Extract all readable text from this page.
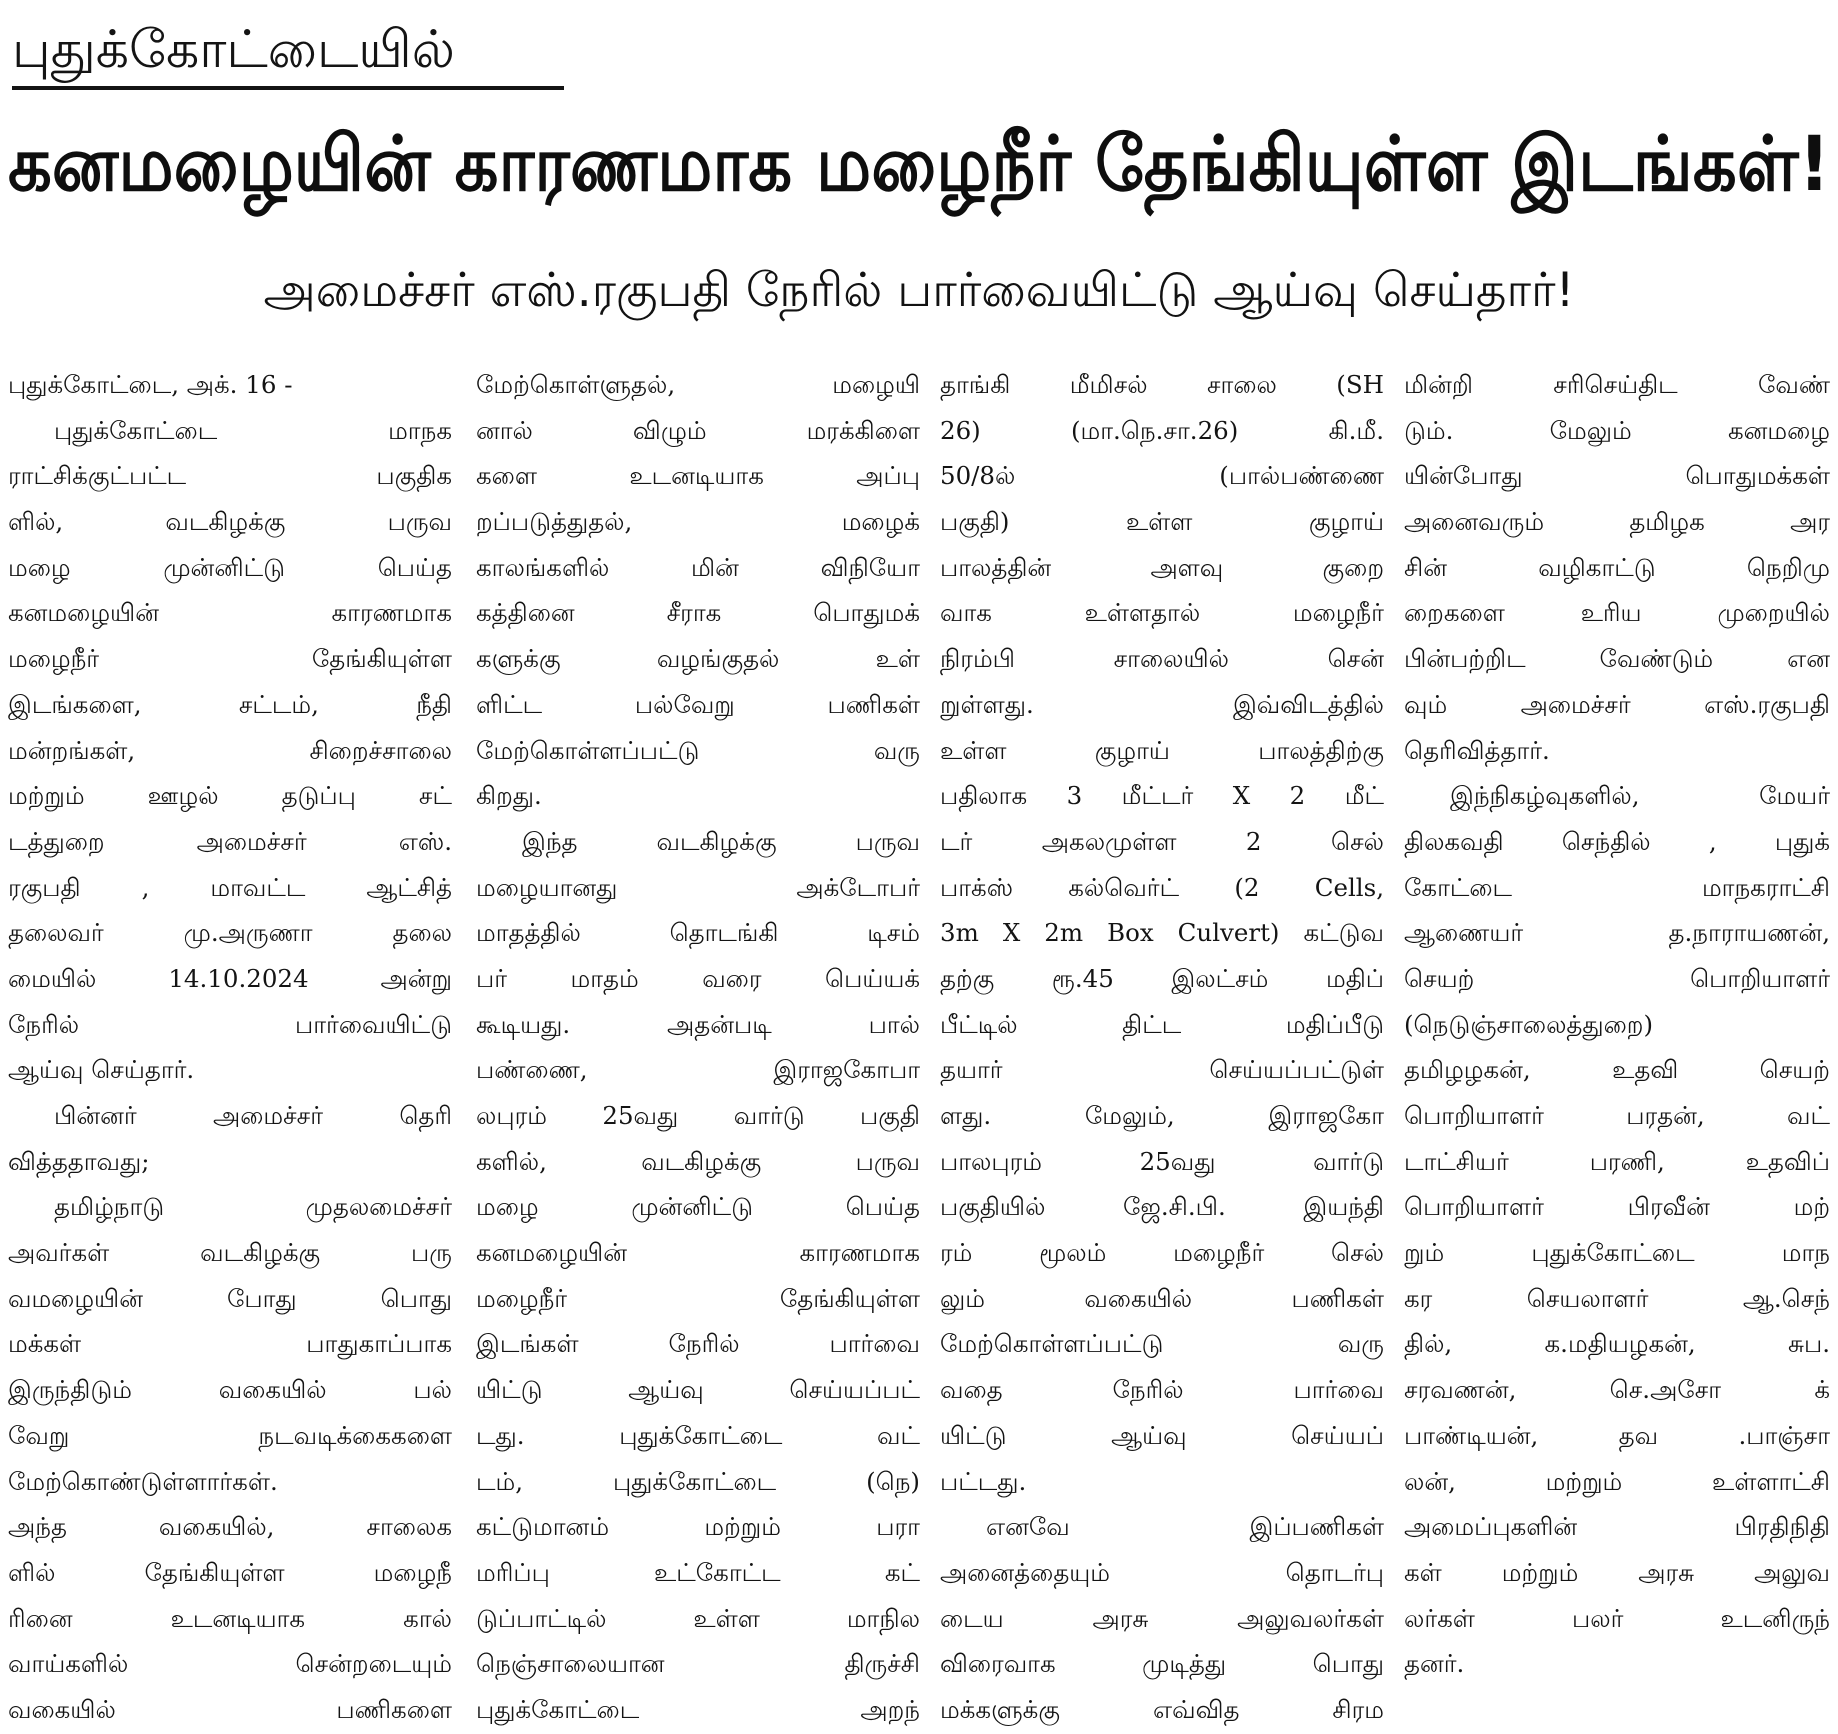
புதுக்கோட்டையில்
கனமழையின் காரணமாக மழைநீர் தேங்கியுள்ள இடங்கள்!
அமைச்சர் எஸ்.ரகுபதி நேரில் பார்வையிட்டு ஆய்வு செய்தார்!
புதுக்கோட்டை, அக். 16 -
புதுக்கோட்டை மாநக
ராட்சிக்குட்பட்ட பகுதிக
ளில், வடகிழக்கு பருவ
மழை முன்னிட்டு பெய்த
கனமழையின் காரணமாக
மழைநீர் தேங்கியுள்ள
இடங்களை, சட்டம், நீதி
மன்றங்கள், சிறைச்சாலை
மற்றும் ஊழல் தடுப்பு சட்
டத்துறை அமைச்சர் எஸ்.
ரகுபதி , மாவட்ட ஆட்சித்
தலைவர் மு.அருணா தலை
மையில் 14.10.2024 அன்று
நேரில் பார்வையிட்டு
ஆய்வு செய்தார்.
பின்னர் அமைச்சர் தெரி
வித்ததாவது;
தமிழ்நாடு முதலமைச்சர்
அவர்கள் வடகிழக்கு பரு
வமழையின் போது பொது
மக்கள் பாதுகாப்பாக
இருந்திடும் வகையில் பல்
வேறு நடவடிக்கைகளை
மேற்கொண்டுள்ளார்கள்.
அந்த வகையில், சாலைக
ளில் தேங்கியுள்ள மழைநீ
ரினை உடனடியாக கால்
வாய்களில் சென்றடையும்
வகையில் பணிகளை
மேற்கொள்ளுதல், மழையி
னால் விழும் மரக்கிளை
களை உடனடியாக அப்பு
றப்படுத்துதல், மழைக்
காலங்களில் மின் விநியோ
கத்தினை சீராக பொதுமக்
களுக்கு வழங்குதல் உள்
ளிட்ட பல்வேறு பணிகள்
மேற்கொள்ளப்பட்டு வரு
கிறது.
இந்த வடகிழக்கு பருவ
மழையானது அக்டோபர்
மாதத்தில் தொடங்கி டிசம்
பர் மாதம் வரை பெய்யக்
கூடியது. அதன்படி பால்
பண்ணை, இராஜகோபா
லபுரம் 25வது வார்டு பகுதி
களில், வடகிழக்கு பருவ
மழை முன்னிட்டு பெய்த
கனமழையின் காரணமாக
மழைநீர் தேங்கியுள்ள
இடங்கள் நேரில் பார்வை
யிட்டு ஆய்வு செய்யப்பட்
டது. புதுக்கோட்டை வட்
டம், புதுக்கோட்டை (நெ)
கட்டுமானம் மற்றும் பரா
மரிப்பு உட்கோட்ட கட்
டுப்பாட்டில் உள்ள மாநில
நெஞ்சாலையான திருச்சி
புதுக்கோட்டை அறந்
தாங்கி மீமிசல் சாலை (SH
26) (மா.நெ.சா.26) கி.மீ.
50/8ல் (பால்பண்ணை
பகுதி) உள்ள குழாய்
பாலத்தின் அளவு குறை
வாக உள்ளதால் மழைநீர்
நிரம்பி சாலையில் சென்
றுள்ளது. இவ்விடத்தில்
உள்ள குழாய் பாலத்திற்கு
பதிலாக 3 மீட்டர் X 2 மீட்
டர் அகலமுள்ள 2 செல்
பாக்ஸ் கல்வெர்ட் (2 Cells,
3m X 2m Box Culvert) கட்டுவ
தற்கு ரூ.45 இலட்சம் மதிப்
பீட்டில் திட்ட மதிப்பீடு
தயார் செய்யப்பட்டுள்
ளது. மேலும், இராஜகோ
பாலபுரம் 25வது வார்டு
பகுதியில் ஜே.சி.பி. இயந்தி
ரம் மூலம் மழைநீர் செல்
லும் வகையில் பணிகள்
மேற்கொள்ளப்பட்டு வரு
வதை நேரில் பார்வை
யிட்டு ஆய்வு செய்யப்
பட்டது.
எனவே இப்பணிகள்
அனைத்தையும் தொடர்பு
டைய அரசு அலுவலர்கள்
விரைவாக முடித்து பொது
மக்களுக்கு எவ்வித சிரம
மின்றி சரிசெய்திட வேண்
டும். மேலும் கனமழை
யின்போது பொதுமக்கள்
அனைவரும் தமிழக அர
சின் வழிகாட்டு நெறிமு
றைகளை உரிய முறையில்
பின்பற்றிட வேண்டும் என
வும் அமைச்சர் எஸ்.ரகுபதி
தெரிவித்தார்.
இந்நிகழ்வுகளில், மேயர்
திலகவதி செந்தில் , புதுக்
கோட்டை மாநகராட்சி
ஆணையர் த.நாராயணன்,
செயற் பொறியாளர்
(நெடுஞ்சாலைத்துறை)
தமிழழகன், உதவி செயற்
பொறியாளர் பரதன், வட்
டாட்சியர் பரணி, உதவிப்
பொறியாளர் பிரவீன் மற்
றும் புதுக்கோட்டை மாந
கர செயலாளர் ஆ.செந்
தில், க.மதியழகன், சுப.
சரவணன், செ.அசோ க்
பாண்டியன், தவ .பாஞ்சா
லன், மற்றும் உள்ளாட்சி
அமைப்புகளின் பிரதிநிதி
கள் மற்றும் அரசு அலுவ
லர்கள் பலர் உடனிருந்
தனர்.
